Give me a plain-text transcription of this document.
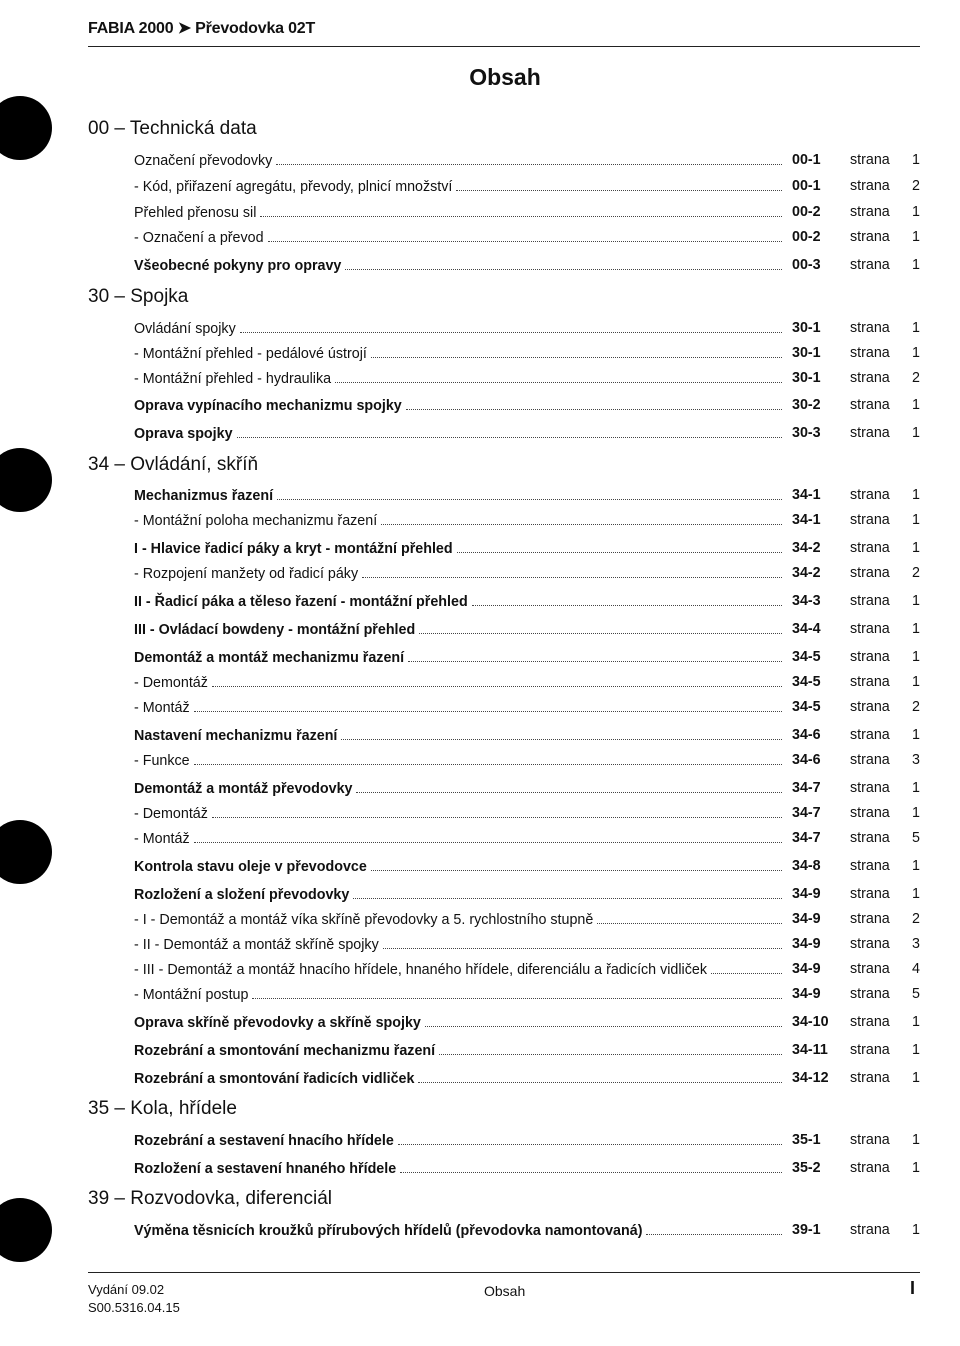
FABIA 2000 ➤ Převodovka 02T
Obsah
00 – Technická data
Označení převodovky	00-1 strana 1
- Kód, přiřazení agregátu, převody, plnicí množství	00-1 strana 2
Přehled přenosu sil	00-2 strana 1
- Označení a převod	00-2 strana 1
Všeobecné pokyny pro opravy	00-3 strana 1
30 – Spojka
Ovládání spojky	30-1 strana 1
- Montážní přehled - pedálové ústrojí	30-1 strana 1
- Montážní přehled - hydraulika	30-1 strana 2
Oprava vypínacího mechanizmu spojky	30-2 strana 1
Oprava spojky	30-3 strana 1
34 – Ovládání, skříň
Mechanizmus řazení	34-1 strana 1
- Montážní poloha mechanizmu řazení	34-1 strana 1
I - Hlavice řadicí páky a kryt - montážní přehled	34-2 strana 1
- Rozpojení manžety od řadicí páky	34-2 strana 2
II - Řadicí páka a těleso řazení - montážní přehled	34-3 strana 1
III - Ovládací bowdeny - montážní přehled	34-4 strana 1
Demontáž a montáž mechanizmu řazení	34-5 strana 1
- Demontáž	34-5 strana 1
- Montáž	34-5 strana 2
Nastavení mechanizmu řazení	34-6 strana 1
- Funkce	34-6 strana 3
Demontáž a montáž převodovky	34-7 strana 1
- Demontáž	34-7 strana 1
- Montáž	34-7 strana 5
Kontrola stavu oleje v převodovce	34-8 strana 1
Rozložení a složení převodovky	34-9 strana 1
- I - Demontáž a montáž víka skříně převodovky a 5. rychlostního stupně	34-9 strana 2
- II - Demontáž a montáž skříně spojky	34-9 strana 3
- III - Demontáž a montáž hnacího hřídele, hnaného hřídele, diferenciálu a řadicích vidliček	34-9 strana 4
- Montážní postup	34-9 strana 5
Oprava skříně převodovky a skříně spojky	34-10 strana 1
Rozebrání a smontování mechanizmu řazení	34-11 strana 1
Rozebrání a smontování řadicích vidliček	34-12 strana 1
35 – Kola, hřídele
Rozebrání a sestavení hnacího hřídele	35-1 strana 1
Rozložení a sestavení hnaného hřídele	35-2 strana 1
39 – Rozvodovka, diferenciál
Výměna těsnicích kroužků přírubových hřídelů (převodovka namontovaná)	39-1 strana 1
Vydání 09.02
S00.5316.04.15
Obsah	I
